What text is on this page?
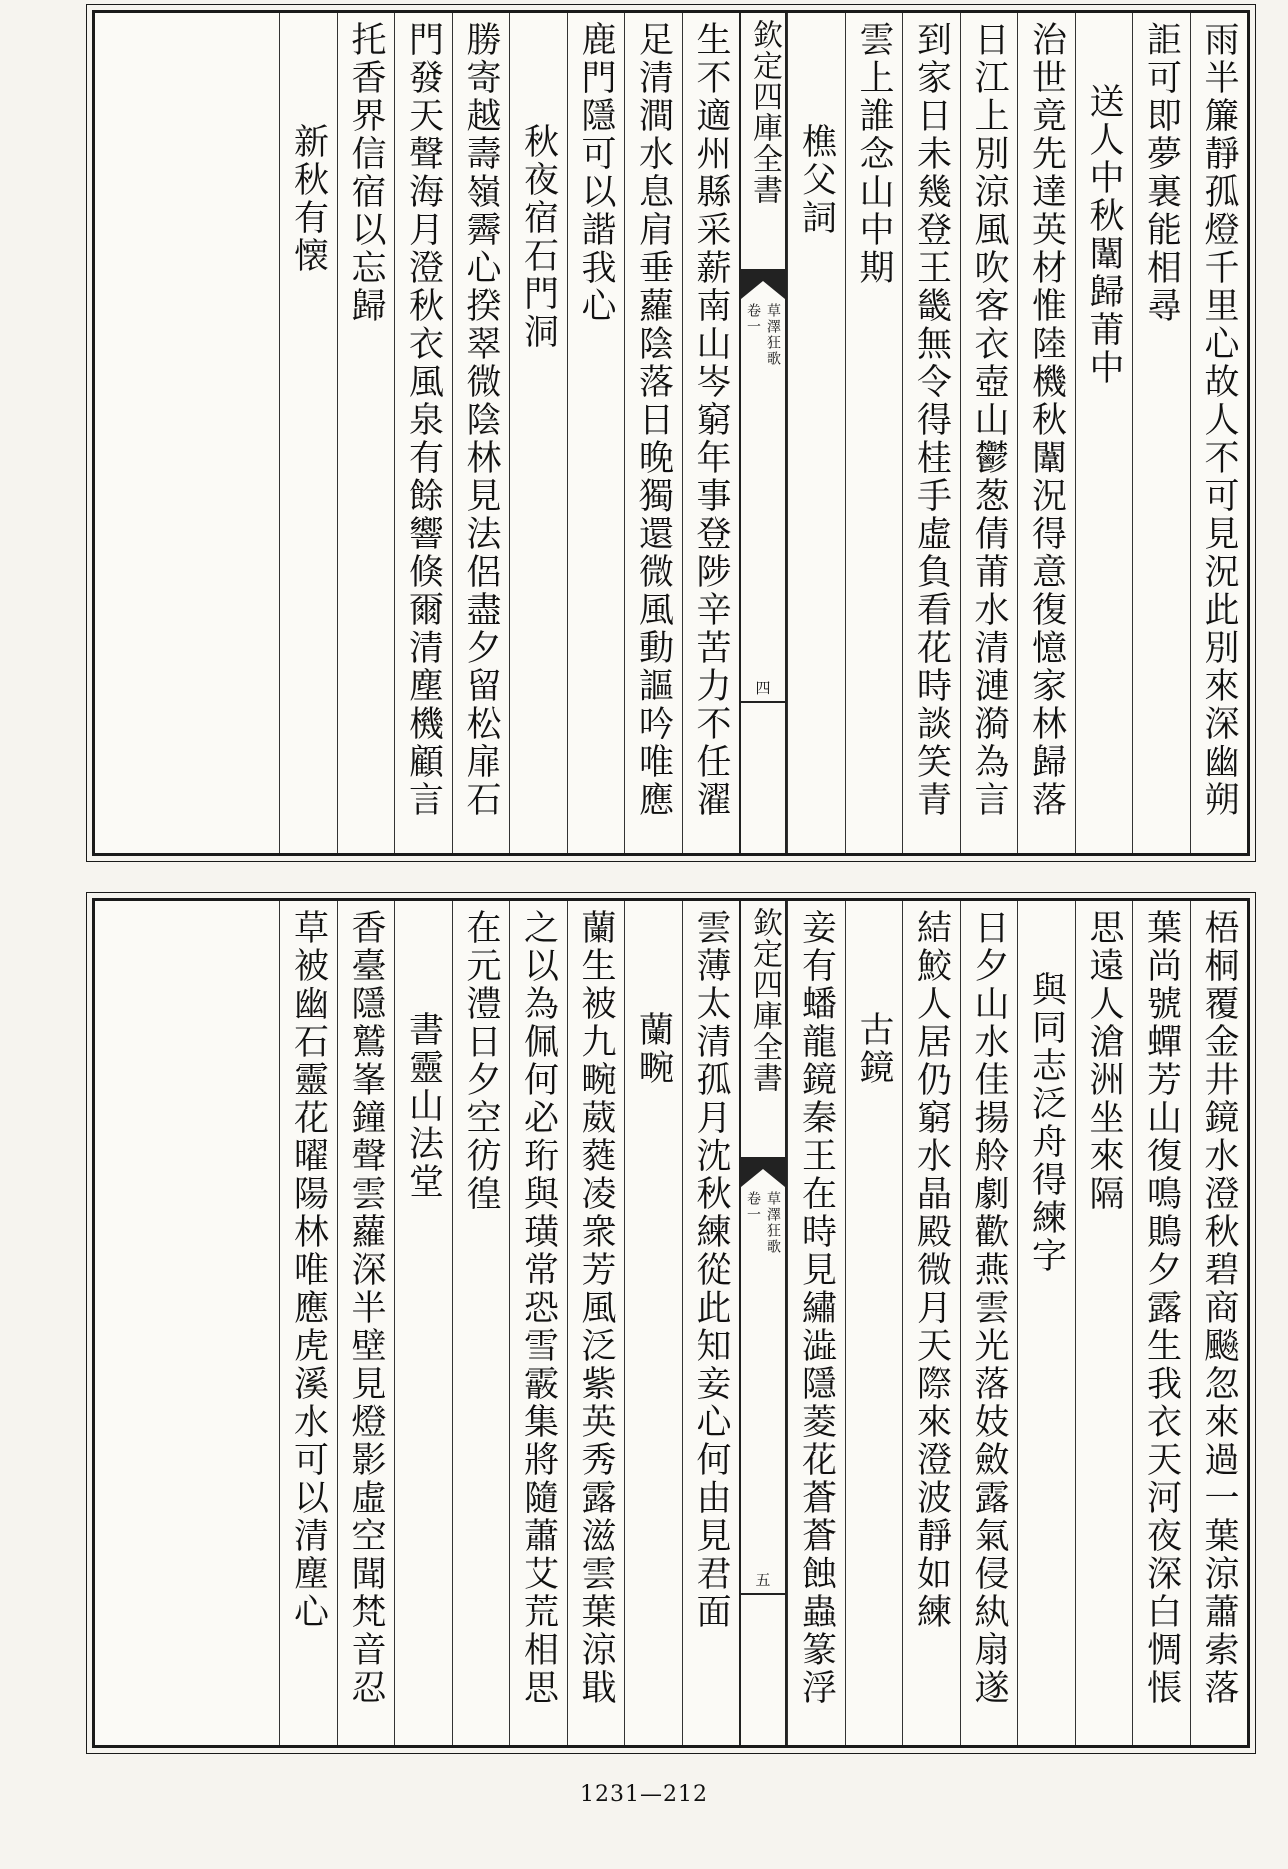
雨半簾靜孤燈千里心故人不可見況此別來深幽朔
詎可即夢裏能相尋
送人中秋闈歸莆中
治世竟先達英材惟陸機秋闈況得意復憶家林歸落
日江上別涼風吹客衣壺山鬱葱倩莆水清漣漪為言
到家日未幾登王畿無令得桂手虛負看花時談笑青
雲上誰念山中期
樵父詞
欽定四庫全書
草澤狂歌
卷一
四
生不適州縣采薪南山岑窮年事登陟辛苦力不任濯
足清澗水息肩垂蘿陰落日晚獨還微風動謳吟唯應
鹿門隱可以諧我心
秋夜宿石門洞
勝寄越壽嶺霽心揆翠微陰林見法侶盡夕留松扉石
門發天聲海月澄秋衣風泉有餘響倏爾清塵機顧言
托香界信宿以忘歸
新秋有懐
梧桐覆金井鏡水澄秋碧商飈忽來過一葉涼蕭索落
葉尚號蟬芳山復鳴鵙夕露生我衣天河夜深白惆悵
思遠人滄洲坐來隔
與同志泛舟得練字
日夕山水佳揚舲劇歡燕雲光落妓斂露氣侵紈扇遂
結鮫人居仍窮水晶殿微月天際來澄波靜如練
古鏡
妾有蟠龍鏡秦王在時見繡澁隱菱花蒼蒼蝕蟲篆浮
欽定四庫全書
草澤狂歌
卷一
五
雲薄太清孤月沈秋練從此知妾心何由見君面
蘭畹
蘭生被九畹葳蕤凌衆芳風泛紫英秀露滋雲葉涼戢
之以為佩何必珩與璜常恐雪霰集將隨蕭艾荒相思
在元澧日夕空彷徨
書靈山法堂
香臺隱鷲峯鐘聲雲蘿深半壁見燈影虛空聞梵音忍
草被幽石靈花曜陽林唯應虎溪水可以清塵心
1231—212
